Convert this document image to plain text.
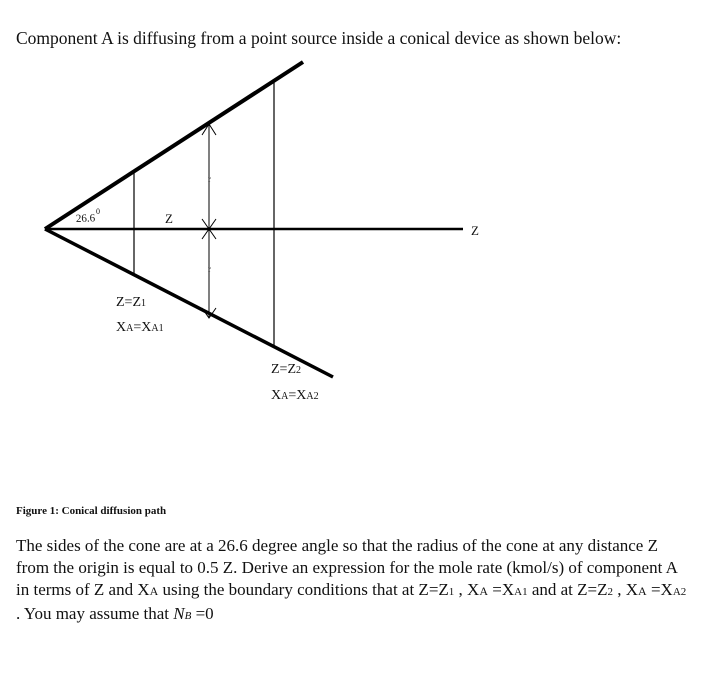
Component A is diffusing from a point source inside a conical device as shown below:
26.6
0	Z
Z
r
r
Z=Z1
XA=XA1
Z=Z2
XA=XA2
Figure 1: Conical diffusion path
The sides of the cone are at a 26.6 degree angle so that the radius of the cone at any distance Z
from the origin is equal to 0.5 Z. Derive an expression for the mole rate (kmol/s) of component A
in terms of Z and XA using the boundary conditions that at Z=Z1 , XA =XA1 and at Z=Z2 , XA =XA2
. You may assume that NB =0
